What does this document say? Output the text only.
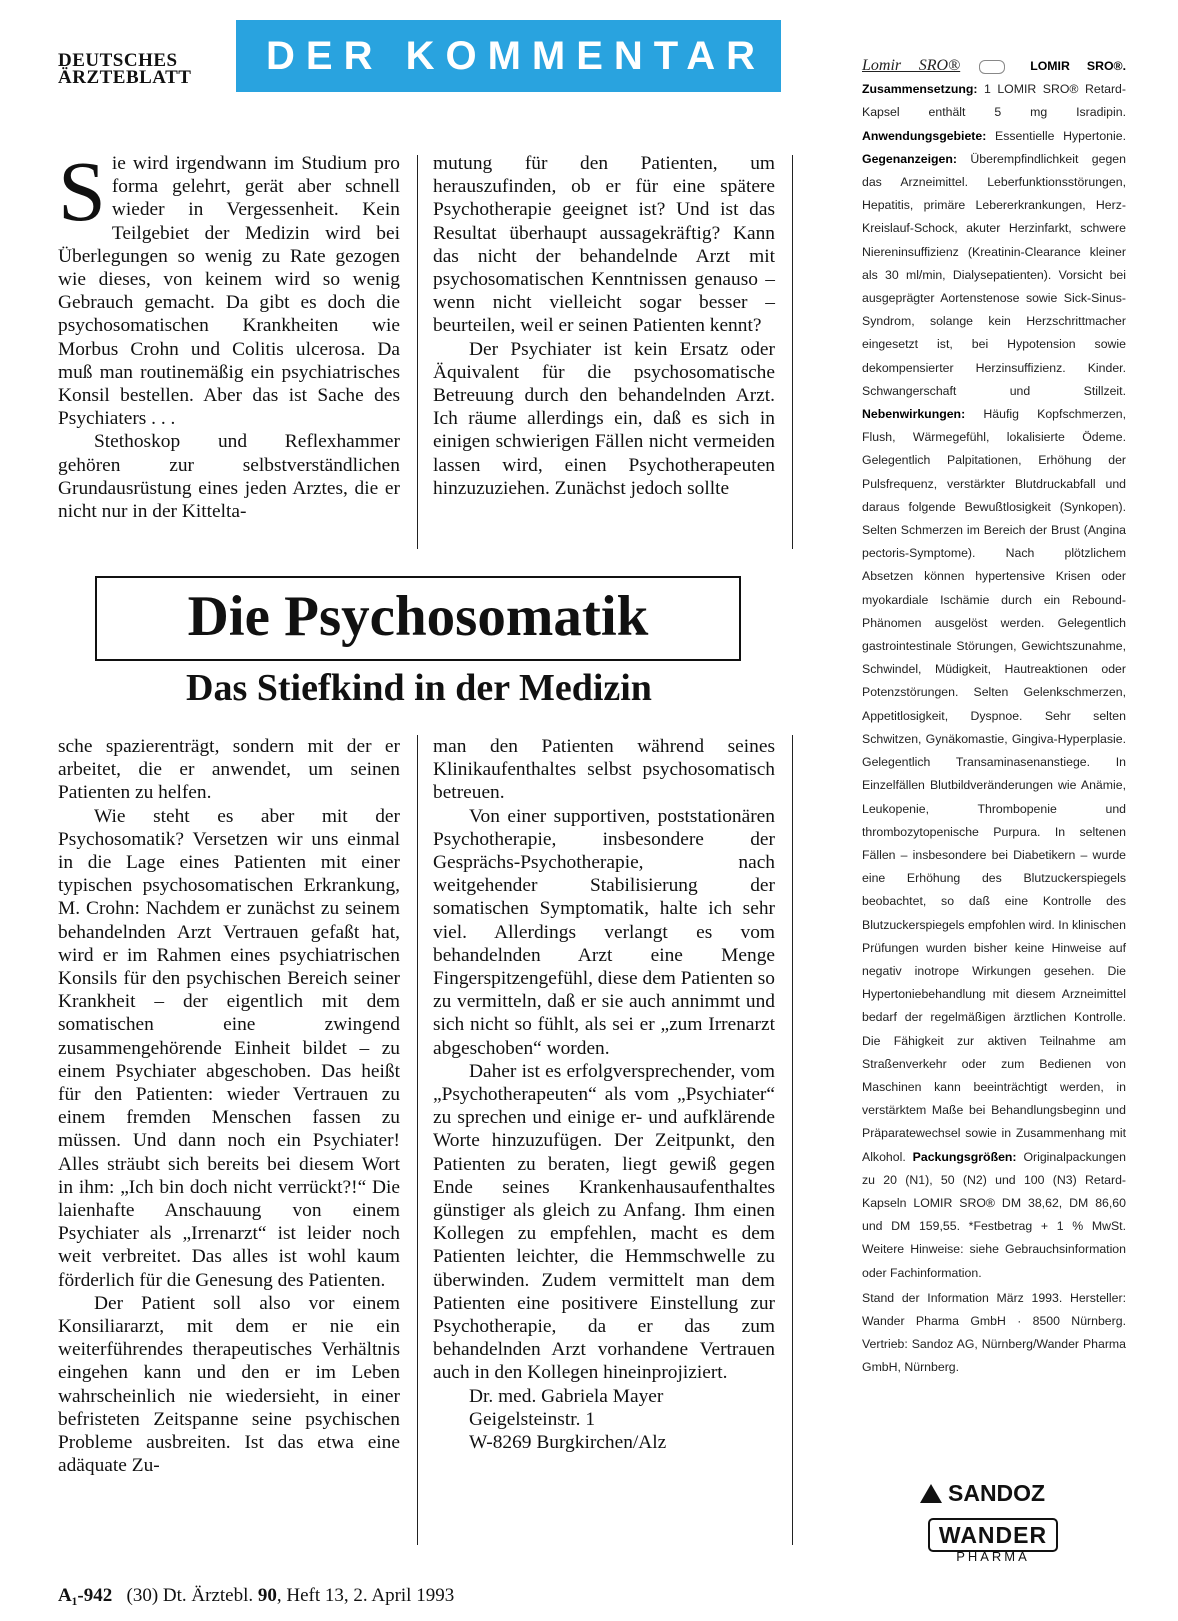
DEUTSCHES
ÄRZTEBLATT DER KOMMENTAR
S ie wird irgendwann im Studium pro forma gelehrt, gerät aber schnell wieder in Vergessenheit. Kein Teilgebiet der Medizin wird bei Überlegungen so wenig zu Rate gezogen wie dieses, von keinem wird so wenig Gebrauch gemacht. Da gibt es doch die psychosomatischen Krankheiten wie Morbus Crohn und Colitis ulcerosa. Da muß man routinemäßig ein psychiatrisches Konsil bestellen. Aber das ist Sache des Psychiaters . . .

Stethoskop und Reflexhammer gehören zur selbstverständlichen Grundausrüstung eines jeden Arztes, die er nicht nur in der Kittelta-

mutung für den Patienten, um herauszufinden, ob er für eine spätere Psychotherapie geeignet ist? Und ist das Resultat überhaupt aussagekräftig? Kann das nicht der behandelnde Arzt mit psychosomatischen Kenntnissen genauso – wenn nicht vielleicht sogar besser – beurteilen, weil er seinen Patienten kennt?

Der Psychiater ist kein Ersatz oder Äquivalent für die psychosomatische Betreuung durch den behandelnden Arzt. Ich räume allerdings ein, daß es sich in einigen schwierigen Fällen nicht vermeiden lassen wird, einen Psychotherapeuten hinzuzuziehen. Zunächst jedoch sollte

Die Psychosomatik
Das Stiefkind in der Medizin

sche spazierenträgt, sondern mit der er arbeitet, die er anwendet, um seinen Patienten zu helfen.

Wie steht es aber mit der Psychosomatik? Versetzen wir uns einmal in die Lage eines Patienten mit einer typischen psychosomatischen Erkrankung, M. Crohn: Nachdem er zunächst zu seinem behandelnden Arzt Vertrauen gefaßt hat, wird er im Rahmen eines psychiatrischen Konsils für den psychischen Bereich seiner Krankheit – der eigentlich mit dem somatischen eine zwingend zusammengehörende Einheit bildet – zu einem Psychiater abgeschoben. Das heißt für den Patienten: wieder Vertrauen zu einem fremden Menschen fassen zu müssen. Und dann noch ein Psychiater! Alles sträubt sich bereits bei diesem Wort in ihm: „Ich bin doch nicht verrückt?!“ Die laienhafte Anschauung von einem Psychiater als „Irrenarzt“ ist leider noch weit verbreitet. Das alles ist wohl kaum förderlich für die Genesung des Patienten.

Der Patient soll also vor einem Konsiliararzt, mit dem er nie ein weiterführendes therapeutisches Verhältnis eingehen kann und den er im Leben wahrscheinlich nie wiedersieht, in einer befristeten Zeitspanne seine psychischen Probleme ausbreiten. Ist das etwa eine adäquate Zu-

man den Patienten während seines Klinikaufenthaltes selbst psychosomatisch betreuen.

Von einer supportiven, poststationären Psychotherapie, insbesondere der Gesprächs-Psychotherapie, nach weitgehender Stabilisierung der somatischen Symptomatik, halte ich sehr viel. Allerdings verlangt es vom behandelnden Arzt eine Menge Fingerspitzengefühl, diese dem Patienten so zu vermitteln, daß er sie auch annimmt und sich nicht so fühlt, als sei er „zum Irrenarzt abgeschoben“ worden.

Daher ist es erfolgversprechender, vom „Psychotherapeuten“ als vom „Psychiater“ zu sprechen und einige er- und aufklärende Worte hinzuzufügen. Der Zeitpunkt, den Patienten zu beraten, liegt gewiß gegen Ende seines Krankenhausaufenthaltes günstiger als gleich zu Anfang. Ihm einen Kollegen zu empfehlen, macht es dem Patienten leichter, die Hemmschwelle zu überwinden. Zudem vermittelt man dem Patienten eine positivere Einstellung zur Psychotherapie, da er das zum behandelnden Arzt vorhandene Vertrauen auch in den Kollegen hineinprojiziert.

Dr. med. Gabriela Mayer

Geigelsteinstr. 1

W-8269 Burgkirchen/Alz

Lomir SRO®	LOMIR SRO®. Zusammensetzung: 1 LOMIR SRO® Retard-Kapsel enthält 5 mg Isradipin. Anwendungsgebiete: Essentielle Hypertonie. Gegenanzeigen: Überempfindlichkeit gegen das Arzneimittel. Leberfunktionsstörungen, Hepatitis, primäre Lebererkrankungen, Herz-Kreislauf-Schock, akuter Herzinfarkt, schwere Niereninsuffizienz (Kreatinin-Clearance kleiner als 30 ml/min, Dialysepatienten). Vorsicht bei ausgeprägter Aortenstenose sowie Sick-Sinus-Syndrom, solange kein Herzschrittmacher eingesetzt ist, bei Hypotension sowie dekompensierter Herzinsuffizienz. Kinder. Schwangerschaft und Stillzeit. Nebenwirkungen: Häufig Kopfschmerzen, Flush, Wärmegefühl, lokalisierte Ödeme. Gelegentlich Palpitationen, Erhöhung der Pulsfrequenz, verstärkter Blutdruckabfall und daraus folgende Bewußtlosigkeit (Synkopen). Selten Schmerzen im Bereich der Brust (Angina pectoris-Symptome). Nach plötzlichem Absetzen können hypertensive Krisen oder myokardiale Ischämie durch ein Rebound-Phänomen ausgelöst werden. Gelegentlich gastrointestinale Störungen, Gewichtszunahme, Schwindel, Müdigkeit, Hautreaktionen oder Potenzstörungen. Selten Gelenkschmerzen, Appetitlosigkeit, Dyspnoe. Sehr selten Schwitzen, Gynäkomastie, Gingiva-Hyperplasie. Gelegentlich Transaminasenanstiege. In Einzelfällen Blutbildveränderungen wie Anämie, Leukopenie, Thrombopenie und thrombozytopenische Purpura. In seltenen Fällen – insbesondere bei Diabetikern – wurde eine Erhöhung des Blutzuckerspiegels beobachtet, so daß eine Kontrolle des Blutzuckerspiegels empfohlen wird. In klinischen Prüfungen wurden bisher keine Hinweise auf negativ inotrope Wirkungen gesehen. Die Hypertoniebehandlung mit diesem Arzneimittel bedarf der regelmäßigen ärztlichen Kontrolle. Die Fähigkeit zur aktiven Teilnahme am Straßenverkehr oder zum Bedienen von Maschinen kann beeinträchtigt werden, in verstärktem Maße bei Behandlungsbeginn und Präparatewechsel sowie in Zusammenhang mit Alkohol. Packungsgrößen: Originalpackungen zu 20 (N1), 50 (N2) und 100 (N3) Retard-Kapseln LOMIR SRO® DM 38,62, DM 86,60 und DM 159,55. *Festbetrag + 1 % MwSt. Weitere Hinweise: siehe Gebrauchsinformation oder Fachinformation.
Stand der Information März 1993. Hersteller: Wander Pharma GmbH · 8500 Nürnberg. Vertrieb: Sandoz AG, Nürnberg/Wander Pharma GmbH, Nürnberg.
SANDOZ
WANDER
PHARMA
A₁-942 (30) Dt. Ärztebl. 90, Heft 13, 2. April 1993
